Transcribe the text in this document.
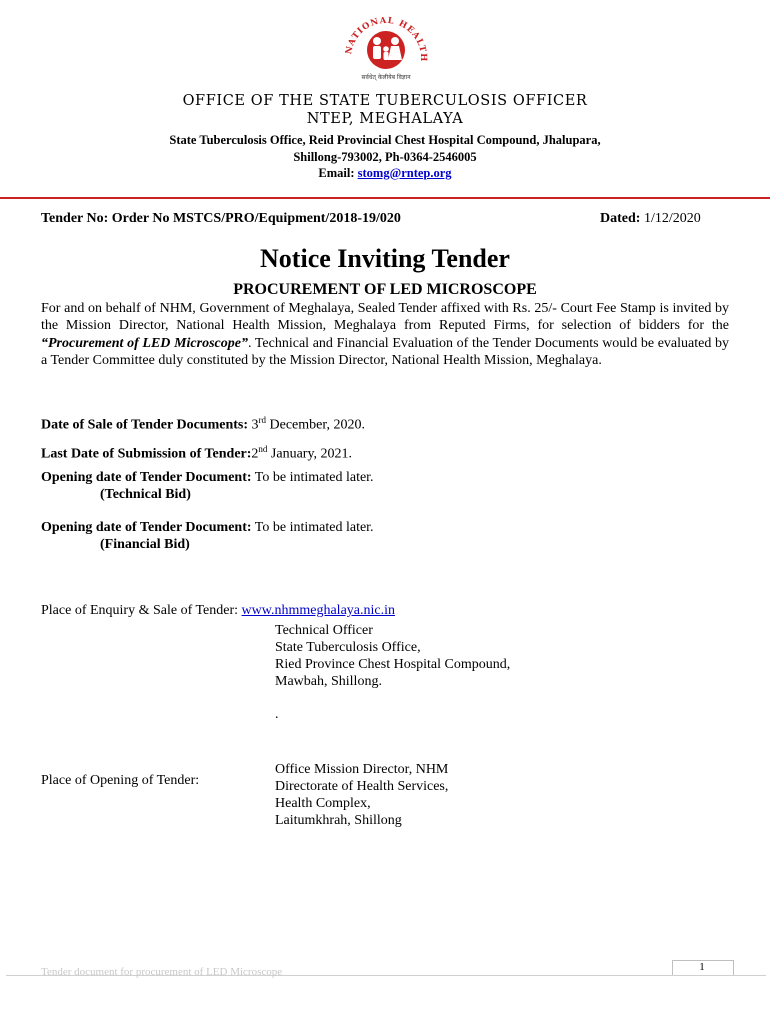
NATIONAL HEALTH
सर्वधेत् केलीयेब विज्ञान
OFFICE OF THE STATE TUBERCULOSIS OFFICER
NTEP, MEGHALAYA
State Tuberculosis Office, Reid Provincial Chest Hospital Compound, Jhalupara,
Shillong-793002, Ph-0364-2546005
Email: stomg@rntep.org
Tender No: Order No MSTCS/PRO/Equipment/2018-19/020	Dated: 1/12/2020
Notice Inviting Tender
PROCUREMENT OF LED MICROSCOPE
For and on behalf of NHM, Government of Meghalaya, Sealed Tender affixed with Rs. 25/- Court Fee Stamp is invited by the Mission Director, National Health Mission, Meghalaya from Reputed Firms, for selection of bidders for the “Procurement of LED Microscope”. Technical and Financial Evaluation of the Tender Documents would be evaluated by a Tender Committee duly constituted by the Mission Director, National Health Mission, Meghalaya.
Date of Sale of Tender Documents: 3rd December, 2020.
Last Date of Submission of Tender:2nd January, 2021.
Opening date of Tender Document: To be intimated later.
(Technical Bid)
Opening date of Tender Document: To be intimated later.
(Financial Bid)
Place of Enquiry & Sale of Tender: www.nhmmeghalaya.nic.in
Technical Officer
State Tuberculosis Office,
Ried Province Chest Hospital Compound,
Mawbah, Shillong.
.
Place of Opening of Tender:
Office Mission Director, NHM
Directorate of Health Services,
Health Complex,
Laitumkhrah, Shillong
Tender document for procurement of LED Microscope	1
